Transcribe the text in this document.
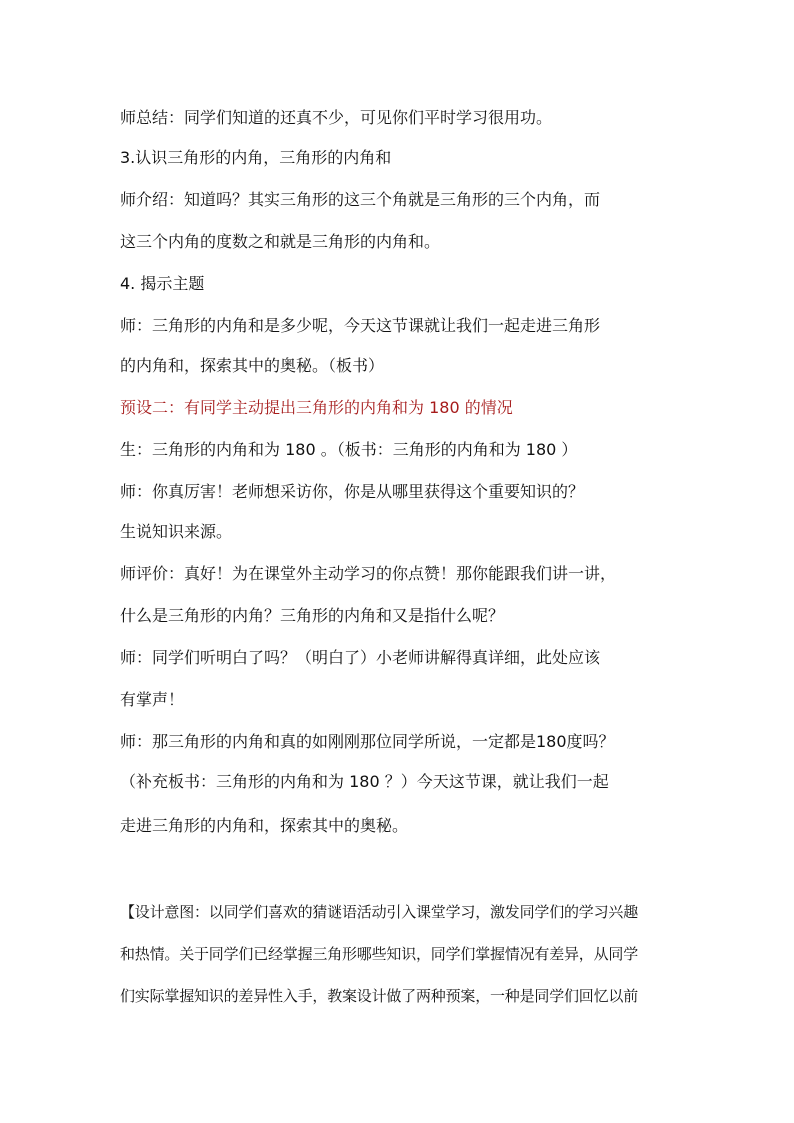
师总结：同学们知道的还真不少，可见你们平时学习很用功。
3.认识三角形的内角，三角形的内角和
师介绍：知道吗？其实三角形的这三个角就是三角形的三个内角，而
这三个内角的度数之和就是三角形的内角和。
4. 揭示主题
师：三角形的内角和是多少呢，今天这节课就让我们一起走进三角形
的内角和，探索其中的奥秘。（板书）
预设二：有同学主动提出三角形的内角和为 180 的情况
生：三角形的内角和为 180 。（板书：三角形的内角和为 180 ）
师：你真厉害！老师想采访你，你是从哪里获得这个重要知识的？
生说知识来源。
师评价：真好！为在课堂外主动学习的你点赞！那你能跟我们讲一讲，
什么是三角形的内角？三角形的内角和又是指什么呢？
师：同学们听明白了吗？（明白了）小老师讲解得真详细，此处应该
有掌声！
师：那三角形的内角和真的如刚刚那位同学所说，一定都是180度吗？
（补充板书：三角形的内角和为 180 ？）今天这节课，就让我们一起
走进三角形的内角和，探索其中的奥秘。
【设计意图：以同学们喜欢的猜谜语活动引入课堂学习，激发同学们的学习兴趣
和热情。关于同学们已经掌握三角形哪些知识，同学们掌握情况有差异，从同学
们实际掌握知识的差异性入手，教案设计做了两种预案，一种是同学们回忆以前
